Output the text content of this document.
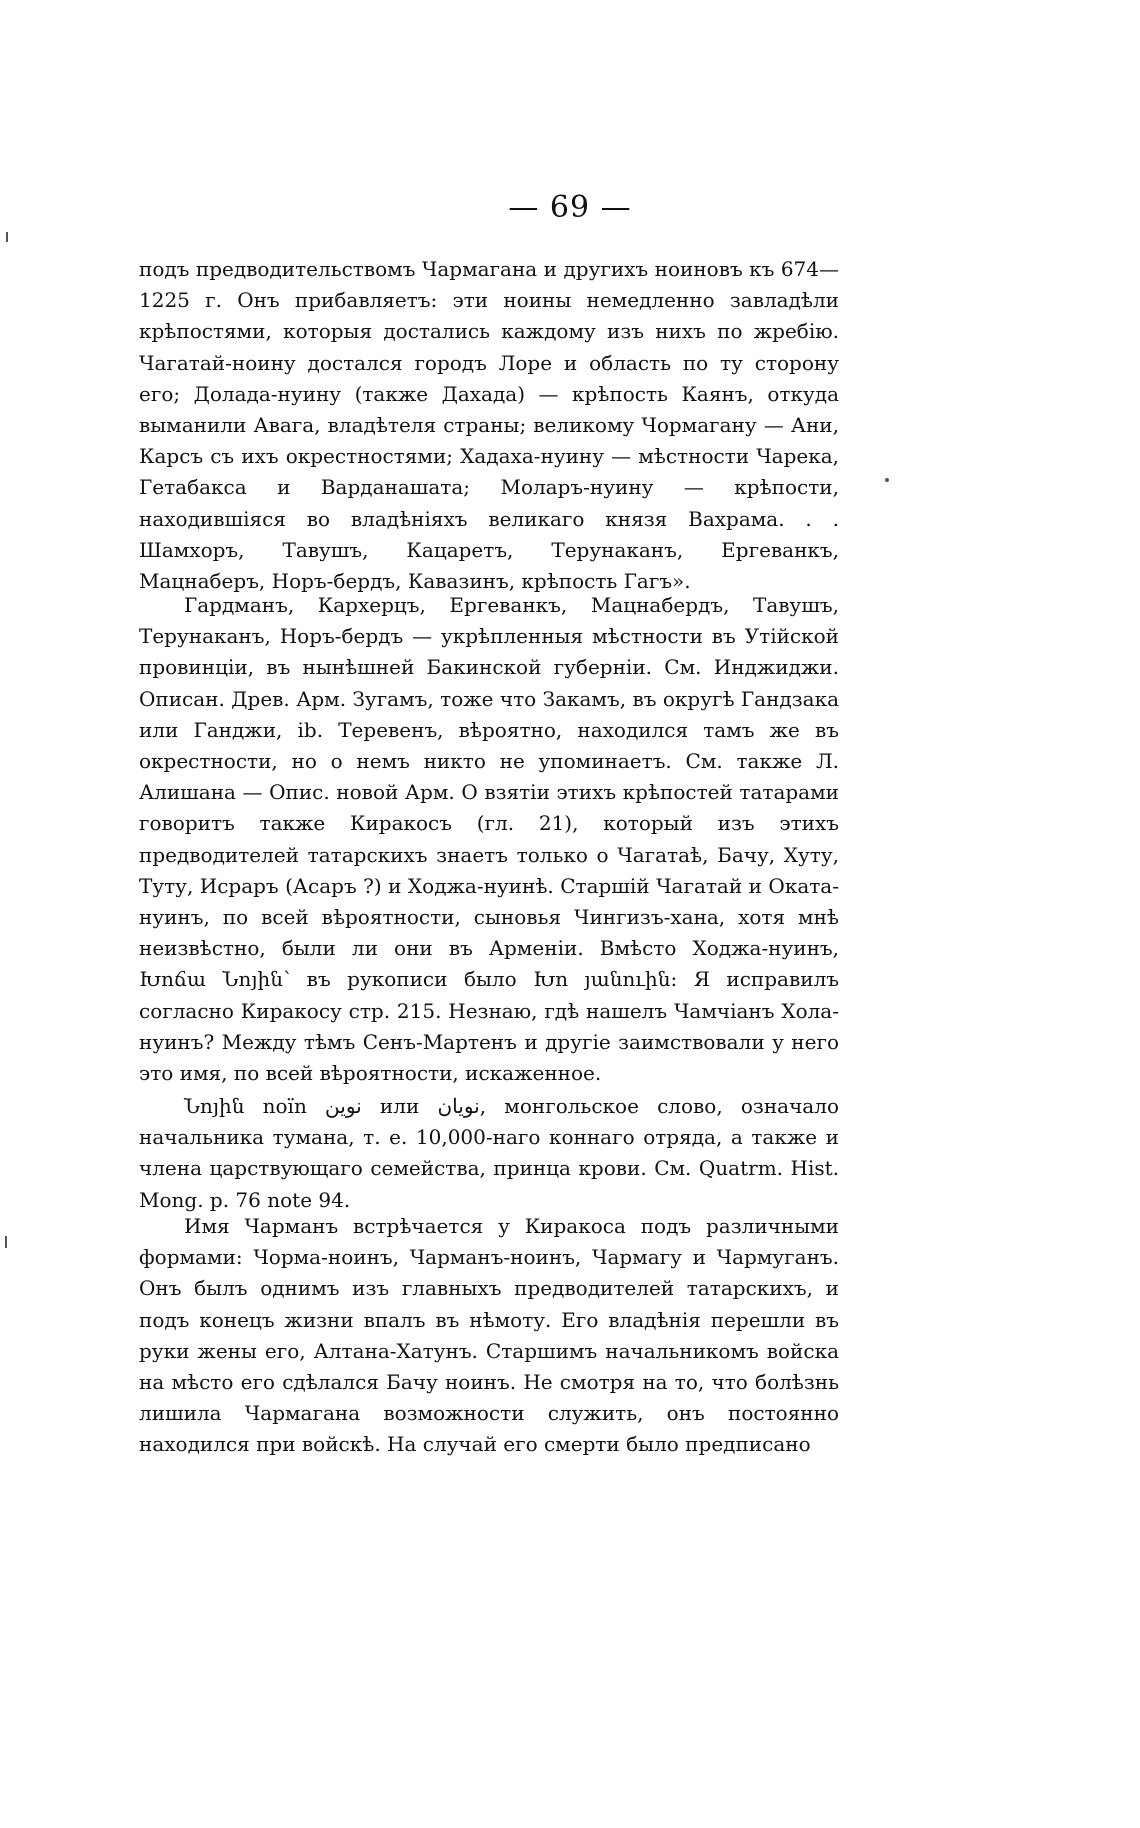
— 69 —

подъ предводительствомъ Чармагана и другихъ ноиновъ къ 674—1225 г. Онъ прибавляетъ: эти ноины немедленно завладѣли крѣпостями, которыя достались каждому изъ нихъ по жребію. Чагатай-ноину достался городъ Лоре и область по ту сторону его; Долада-нуину (также Дахада) — крѣпость Каянъ, откуда выманили Авага, владѣтеля страны; великому Чормагану — Ани, Карсъ съ ихъ окрестностями; Хадаха-нуину — мѣстности Чарека, Гетабакса и Варданашата; Моларъ-нуину — крѣпости, находившіяся во владѣніяхъ великаго князя Вахрама. . . Шамхоръ, Тавушъ, Кацаретъ, Терунаканъ, Ергеванкъ, Мацнаберъ, Норъ-бердъ, Кавазинъ, крѣпость Гагъ».

Гардманъ, Кархерцъ, Ергеванкъ, Мацнабердъ, Тавушъ, Терунаканъ, Норъ-бердъ — укрѣпленныя мѣстности въ Утійской провинціи, въ нынѣшней Бакинской губерніи. См. Инджиджи. Описан. Древ. Арм. Зугамъ, тоже что Закамъ, въ округѣ Гандзака или Ганджи, ib. Теревенъ, вѣроятно, находился тамъ же въ окрестности, но о немъ никто не упоминаетъ. См. также Л. Алишана — Опис. новой Арм. О взятіи этихъ крѣпостей татарами говоритъ также Киракосъ (гл. 21), который изъ этихъ предводителей татарскихъ знаетъ только о Чагатаѣ, Бачу, Хуту, Туту, Исраръ (Асаръ ?) и Ходжа-нуинѣ. Старшій Чагатай и Оката-нуинъ, по всей вѣроятности, сыновья Чингизъ-хана, хотя мнѣ неизвѣстно, были ли они въ Арменіи. Вмѣсто Ходжа-нуинъ, Խոճա Նոյին՝ въ рукописи было Խո յանուին։ Я исправилъ согласно Киракосу стр. 215. Незнаю, гдѣ нашелъ Чамчіанъ Хола-нуинъ? Между тѣмъ Сенъ-Мартенъ и другіе заимствовали у него это имя, по всей вѣроятности, искаженное.

Նոյին noïn نوين или نويان, монгольское слово, означало начальника тумана, т. е. 10,000-наго коннаго отряда, а также и члена царствующаго семейства, принца крови. См. Quatrm. Hist. Mong. p. 76 note 94.

Имя Чарманъ встрѣчается у Киракоса подъ различными формами: Чорма-ноинъ, Чарманъ-ноинъ, Чармагу и Чармуганъ. Онъ былъ однимъ изъ главныхъ предводителей татарскихъ, и подъ конецъ жизни впалъ въ нѣмоту. Его владѣнія перешли въ руки жены его, Алтана-Хатунъ. Старшимъ начальникомъ войска на мѣсто его сдѣлался Бачу ноинъ. Не смотря на то, что болѣзнь лишила Чармагана возможности служить, онъ постоянно находился при войскѣ. На случай его смерти было предписано
